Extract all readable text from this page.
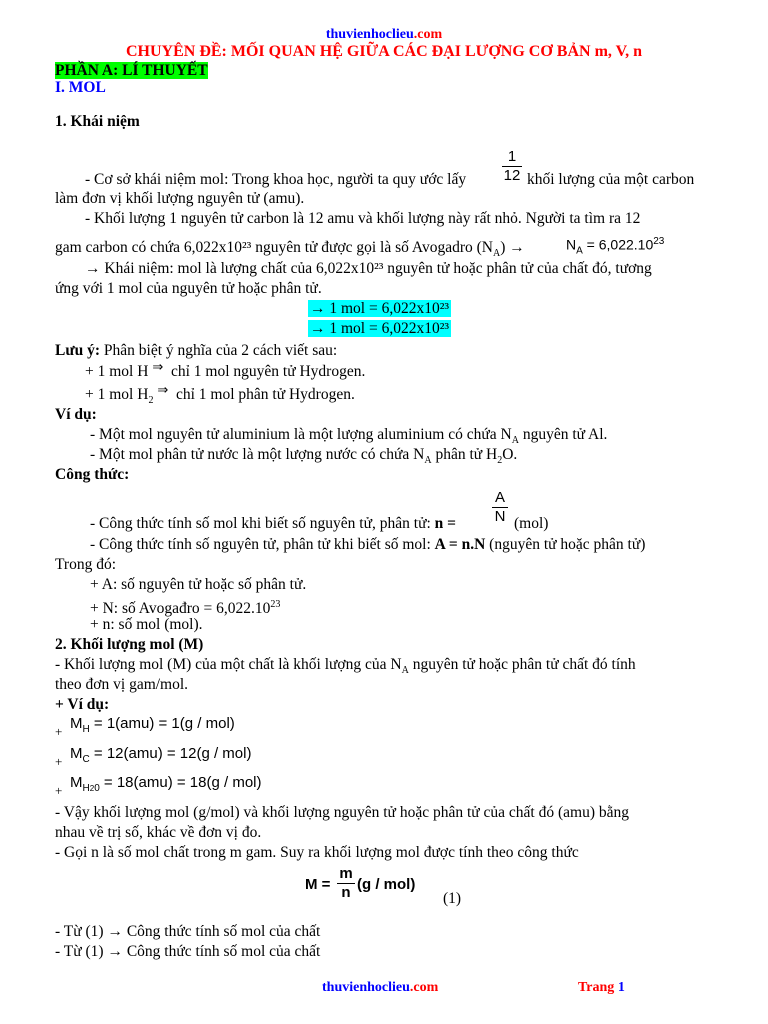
thuvienhoclieu.com
CHUYÊN ĐỀ: MỐI QUAN HỆ GIỮA CÁC ĐẠI LƯỢNG CƠ BẢN m, V, n
PHẦN A: LÍ THUYẾT
I. MOL
1. Khái niệm
1
12
- Cơ sở khái niệm mol: Trong khoa học, người ta quy ước lấy	khối lượng của một carbon
làm đơn vị khối lượng nguyên tử (amu).
- Khối lượng 1 nguyên tử carbon là 12 amu và khối lượng này rất nhỏ. Người ta tìm ra 12
gam carbon có chứa 6,022x10²³ nguyên tử được gọi là số Avogadro $(N_A)$ →	$N_A = 6,022.10^{23}$
→ Khái niệm: mol là lượng chất của 6,022x10²³ nguyên tử hoặc phân tử của chất đó, tương
ứng với 1 mol của nguyên tử hoặc phân tử.
→ 1 mol = 6,022x10²³
→ 1 mol = 6,022x10²³
Lưu ý: Phân biệt ý nghĩa của 2 cách viết sau:
+ 1 mol H ⇒ chỉ 1 mol nguyên tử Hydrogen.
+ 1 mol $H_2$ ⇒ chỉ 1 mol phân tử Hydrogen.
Ví dụ:
- Một mol nguyên tử aluminium là một lượng aluminium có chứa $N_A$ nguyên tử Al.
- Một mol phân tử nước là một lượng nước có chứa $N_A$ phân tử $H_2O$.
Công thức:
A
N
- Công thức tính số mol khi biết số nguyên tử, phân tử: n =	(mol)
- Công thức tính số nguyên tử, phân tử khi biết số mol: A = n.N (nguyên tử hoặc phân tử)
Trong đó:
+ A: số nguyên tử hoặc số phân tử.
+ N: số Avogađro = $6,022.10^{23}$
+ n: số mol (mol).
2. Khối lượng mol (M)
- Khối lượng mol (M) của một chất là khối lượng của $N_A$ nguyên tử hoặc phân tử chất đó tính
theo đơn vị gam/mol.
+ Ví dụ:
+ $M_H = 1(amu) = 1(g / mol)$
+ $M_C = 12(amu) = 12(g / mol)$
+ $M_{H20} = 18(amu) = 18(g / mol)$
- Vậy khối lượng mol (g/mol) và khối lượng nguyên tử hoặc phân tử của chất đó (amu) bằng
nhau về trị số, khác về đơn vị đo.
- Gọi n là số mol chất trong m gam. Suy ra khối lượng mol được tính theo công thức
M =
m
n (g / mol)
(1)
- Từ (1) → Công thức tính số mol của chất
- Từ (1) → Công thức tính số mol của chất
thuvienhoclieu.com	Trang 1
